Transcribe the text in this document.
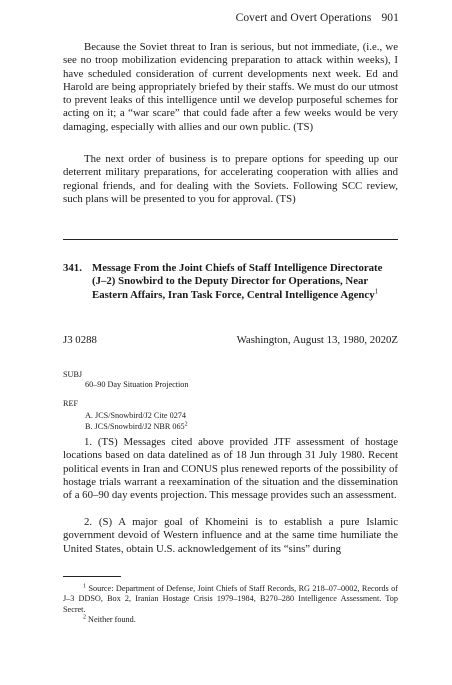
Covert and Overt Operations 901

Because the Soviet threat to Iran is serious, but not immediate, (i.e., we see no troop mobilization evidencing preparation to attack within weeks), I have scheduled consideration of current developments next week. Ed and Harold are being appropriately briefed by their staffs. We must do our utmost to prevent leaks of this intelligence until we develop purposeful schemes for acting on it; a “war scare” that could fade after a few weeks would be very damaging, especially with allies and our own public. (TS)

The next order of business is to prepare options for speeding up our deterrent military preparations, for accelerating cooperation with allies and regional friends, and for dealing with the Soviets. Following SCC review, such plans will be presented to you for approval. (TS)

341. Message From the Joint Chiefs of Staff Intelligence Directorate (J–2) Snowbird to the Deputy Director for Operations, Near Eastern Affairs, Iran Task Force, Central Intelligence Agency$^1$
J3 0288	Washington, August 13, 1980, 2020Z
SUBJ
60–90 Day Situation Projection
REF
A. JCS/Snowbird/J2 Cite 0274
B. JCS/Snowbird/J2 NBR $065^2$

1. (TS) Messages cited above provided JTF assessment of hostage locations based on data datelined as of 18 Jun through 31 July 1980. Recent political events in Iran and CONUS plus renewed reports of the possibility of hostage trials warrant a reexamination of the situation and the dissemination of a 60–90 day events projection. This message provides such an assessment.

2. (S) A major goal of Khomeini is to establish a pure Islamic government devoid of Western influence and at the same time humiliate the United States, obtain U.S. acknowledgement of its “sins” during

$^1$ Source: Department of Defense, Joint Chiefs of Staff Records, RG 218–07–0002, Records of J–3 DDSO, Box 2, Iranian Hostage Crisis 1979–1984, B270–280 Intelligence Assessment. Top Secret.

$^2$ Neither found.
